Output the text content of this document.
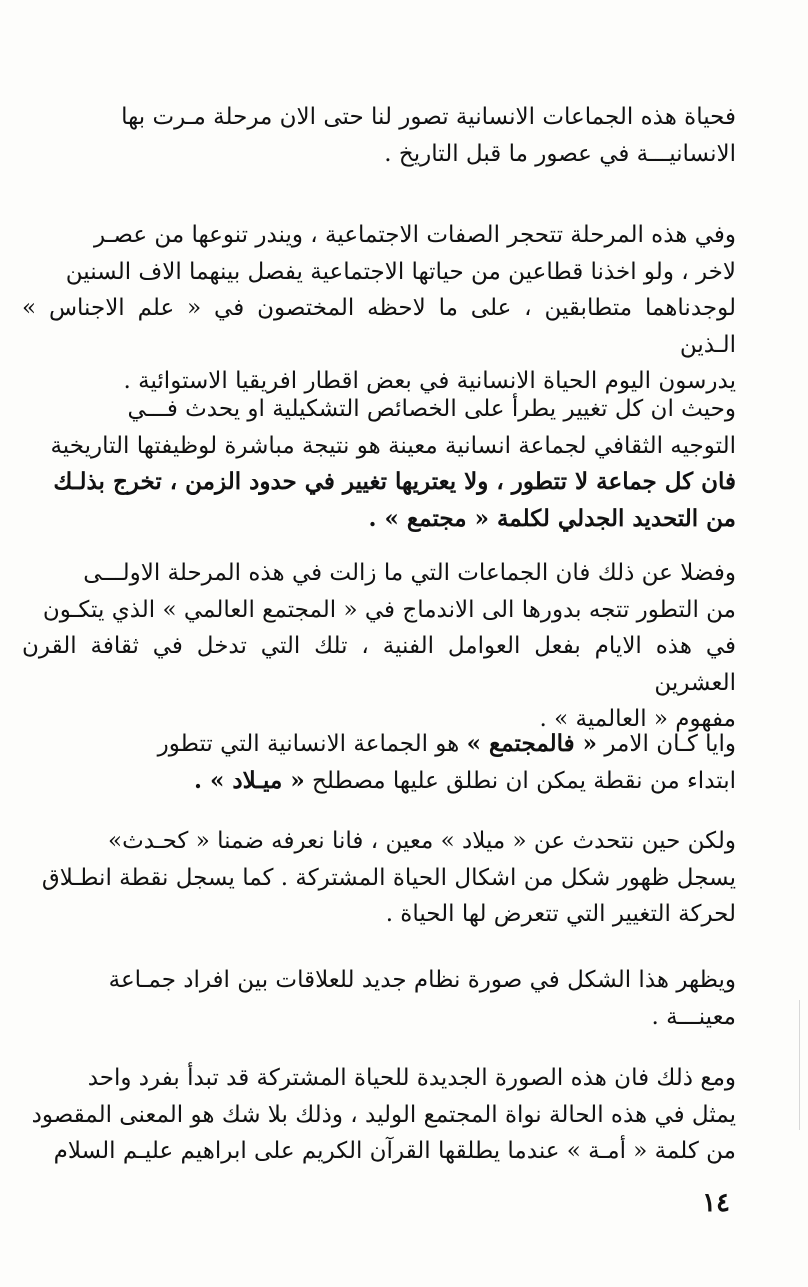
فحياة هذه الجماعات الانسانية تصور لنا حتى الان مرحلة مـرت بها
الانسانيـــة في عصور ما قبل التاريخ .
وفي هذه المرحلة تتحجر الصفات الاجتماعية ، ويندر تنوعها من عصـر
لاخر ، ولو اخذنا قطاعين من حياتها الاجتماعية يفصل بينهما الاف السنين
لوجدناهما متطابقين ، على ما لاحظه المختصون في « علم الاجناس » الـذين
يدرسون اليوم الحياة الانسانية في بعض اقطار افريقيا الاستوائية .
وحيث ان كل تغيير يطرأ على الخصائص التشكيلية او يحدث فـــي
التوجيه الثقافي لجماعة انسانية معينة هو نتيجة مباشرة لوظيفتها التاريخية
فان كل جماعة لا تتطور ، ولا يعتريها تغيير في حدود الزمن ، تخرج بذلـك
من التحديد الجدلي لكلمة « مجتمع » .
وفضلا عن ذلك فان الجماعات التي ما زالت في هذه المرحلة الاولـــى
من التطور تتجه بدورها الى الاندماج في « المجتمع العالمي » الذي يتكـون
في هذه الايام بفعل العوامل الفنية ، تلك التي تدخل في ثقافة القرن العشرين
مفهوم « العالمية » .
وايا كـان الامر « فالمجتمع » هو الجماعة الانسانية التي تتطور
ابتداء من نقطة يمكن ان نطلق عليها مصطلح « ميـلاد » .
ولكن حين نتحدث عن « ميلاد » معين ، فانا نعرفه ضمنا « كحـدث»
يسجل ظهور شكل من اشكال الحياة المشتركة . كما يسجل نقطة انطـلاق
لحركة التغيير التي تتعرض لها الحياة .
ويظهر هذا الشكل في صورة نظام جديد للعلاقات بين افراد جمـاعة
معينـــة .
ومع ذلك فان هذه الصورة الجديدة للحياة المشتركة قد تبدأ بفرد واحد
يمثل في هذه الحالة نواة المجتمع الوليد ، وذلك بلا شك هو المعنى المقصود
من كلمة « أمـة » عندما يطلقها القرآن الكريم على ابراهيم عليـم السلام
١٤
